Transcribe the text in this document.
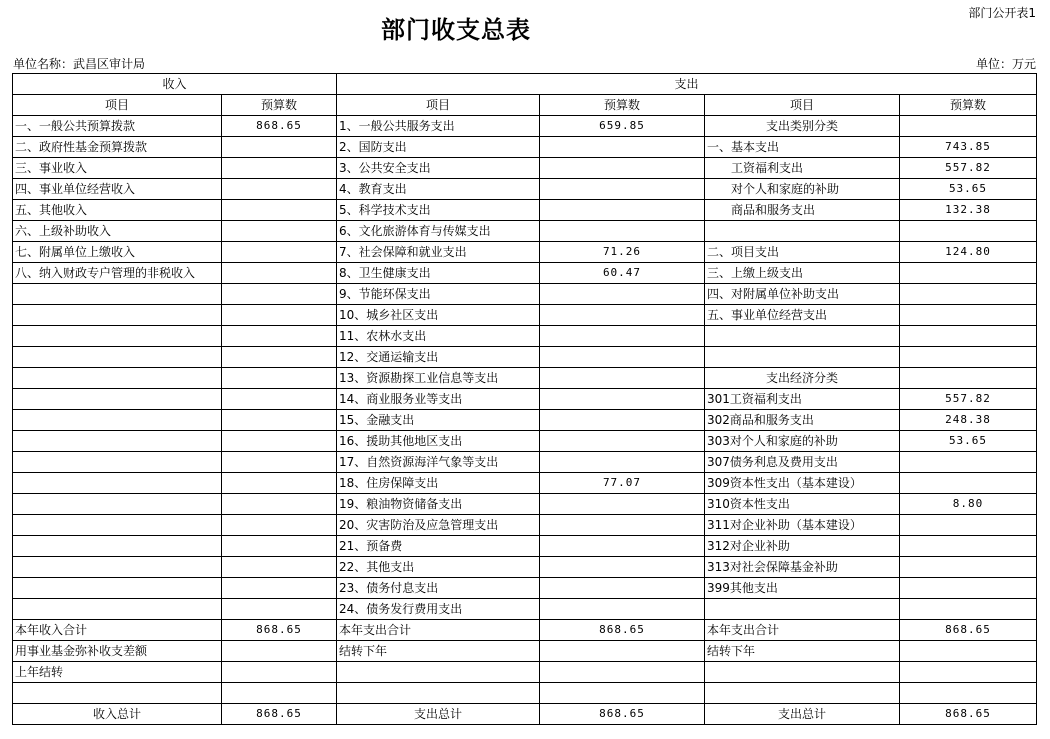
部门收支总表
部门公开表1
单位名称：武昌区审计局	单位：万元
收入		支出			
项目	预算数	项目	预算数	项目	预算数
一、一般公共预算拨款	868.65	1、一般公共服务支出	659.85	支出类别分类	
二、政府性基金预算拨款		2、国防支出		一、基本支出	743.85
三、事业收入		3、公共安全支出		工资福利支出	557.82
四、事业单位经营收入		4、教育支出		对个人和家庭的补助	53.65
五、其他收入		5、科学技术支出		商品和服务支出	132.38
六、上级补助收入		6、文化旅游体育与传媒支出			
七、附属单位上缴收入		7、社会保障和就业支出	71.26	二、项目支出	124.80
八、纳入财政专户管理的非税收入		8、卫生健康支出	60.47	三、上缴上级支出	
		9、节能环保支出		四、对附属单位补助支出	
		10、城乡社区支出		五、事业单位经营支出	
		11、农林水支出			
		12、交通运输支出			
		13、资源勘探工业信息等支出		支出经济分类	
		14、商业服务业等支出		301工资福利支出	557.82
		15、金融支出		302商品和服务支出	248.38
		16、援助其他地区支出		303对个人和家庭的补助	53.65
		17、自然资源海洋气象等支出		307债务利息及费用支出	
		18、住房保障支出	77.07	309资本性支出（基本建设）	
		19、粮油物资储备支出		310资本性支出	8.80
		20、灾害防治及应急管理支出		311对企业补助（基本建设）	
		21、预备费		312对企业补助	
		22、其他支出		313对社会保障基金补助	
		23、债务付息支出		399其他支出	
		24、债务发行费用支出			
本年收入合计	868.65	本年支出合计	868.65	本年支出合计	868.65
用事业基金弥补收支差额		结转下年		结转下年	
上年结转					

收入总计	868.65	支出总计	868.65	支出总计	868.65
